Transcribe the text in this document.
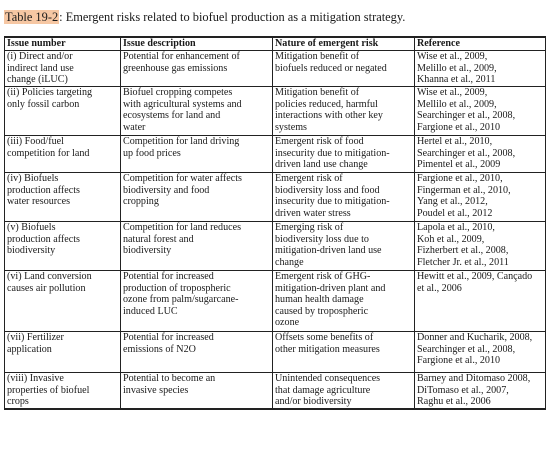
Table 19-2: Emergent risks related to biofuel production as a mitigation strategy.
Issue number	Issue description	Nature of emergent risk	Reference
(i) Direct and/or
indirect land use
change (iLUC)	Potential for enhancement of
greenhouse gas emissions	Mitigation benefit of
biofuels reduced or negated	Wise et al., 2009,
Melillo et al., 2009,
Khanna et al., 2011
(ii) Policies targeting
only fossil carbon	Biofuel cropping competes
with agricultural systems and
ecosystems for land and
water	Mitigation benefit of
policies reduced, harmful
interactions with other key
systems	Wise et al., 2009,
Mellilo et al., 2009,
Searchinger et al., 2008,
Fargione et al., 2010
(iii) Food/fuel
competition for land	Competition for land driving
up food prices	Emergent risk of food
insecurity due to mitigation-
driven land use change	Hertel et al., 2010,
Searchinger et al., 2008,
Pimentel et al., 2009
(iv) Biofuels
production affects
water resources	Competition for water affects
biodiversity and food
cropping	Emergent risk of
biodiversity loss and food
insecurity due to mitigation-
driven water stress	Fargione et al., 2010,
Fingerman et al., 2010,
Yang et al., 2012,
Poudel et al., 2012
(v) Biofuels
production affects
biodiversity	Competition for land reduces
natural forest and
biodiversity	Emerging risk of
biodiversity loss due to
mitigation-driven land use
change	Lapola et al., 2010,
Koh et al., 2009,
Fizherbert et al., 2008,
Fletcher Jr. et al., 2011
(vi) Land conversion
causes air pollution	Potential for increased
production of tropospheric
ozone from palm/sugarcane-
induced LUC	Emergent risk of GHG-
mitigation-driven plant and
human health damage
caused by tropospheric
ozone	Hewitt et al., 2009, Cançado
et al., 2006
(vii) Fertilizer
application	Potential for increased
emissions of N2O	Offsets some benefits of
other mitigation measures	Donner and Kucharik, 2008,
Searchinger et al., 2008,
Fargione et al., 2010
(viii) Invasive
properties of biofuel
crops	Potential to become an
invasive species	Unintended consequences
that damage agriculture
and/or biodiversity	Barney and Ditomaso 2008,
DiTomaso et al., 2007,
Raghu et al., 2006
